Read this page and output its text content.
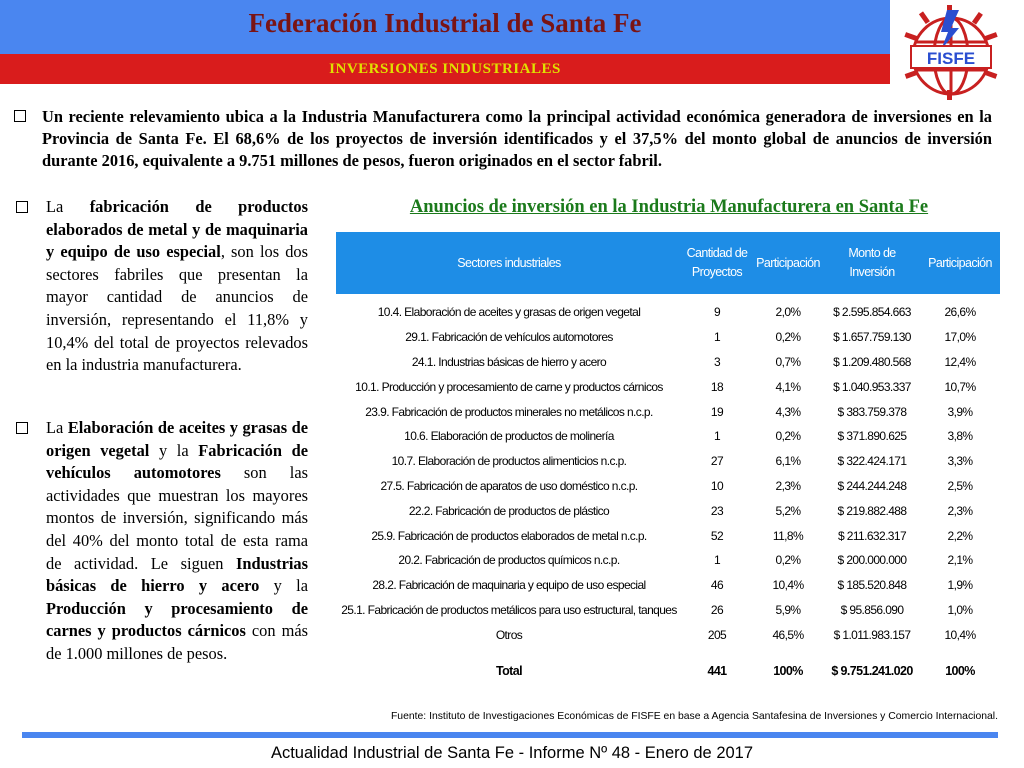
Federación Industrial de Santa Fe
INVERSIONES INDUSTRIALES
FISFE
Un reciente relevamiento ubica a la Industria Manufacturera como la principal actividad económica generadora de inversiones en la Provincia de Santa Fe. El 68,6% de los proyectos de inversión identificados y el 37,5% del monto global de anuncios de inversión durante 2016, equivalente a 9.751 millones de pesos, fueron originados en el sector fabril.
La fabricación de productos elaborados de metal y de maquinaria y equipo de uso especial, son los dos sectores fabriles que presentan la mayor cantidad de anuncios de inversión, representando el 11,8% y 10,4% del total de proyectos relevados en la industria manufacturera.
La Elaboración de aceites y grasas de origen vegetal y la Fabricación de vehículos automotores son las actividades que muestran los mayores montos de inversión, significando más del 40% del monto total de esta rama de actividad. Le siguen Industrias básicas de hierro y acero y la Producción y procesamiento de carnes y productos cárnicos con más de 1.000 millones de pesos.
Anuncios de inversión en la Industria Manufacturera en Santa Fe
Sectores industriales	Cantidad de Proyectos	Participación	Monto de Inversión	Participación
10.4. Elaboración de aceites y grasas de origen vegetal	9	2,0%	$ 2.595.854.663	26,6%
29.1. Fabricación de vehículos automotores	1	0,2%	$ 1.657.759.130	17,0%
24.1. Industrias básicas de hierro y acero	3	0,7%	$ 1.209.480.568	12,4%
10.1. Producción y procesamiento de carne y productos cárnicos	18	4,1%	$ 1.040.953.337	10,7%
23.9. Fabricación de productos minerales no metálicos n.c.p.	19	4,3%	$ 383.759.378	3,9%
10.6. Elaboración de productos de molinería	1	0,2%	$ 371.890.625	3,8%
10.7. Elaboración de productos alimenticios n.c.p.	27	6,1%	$ 322.424.171	3,3%
27.5. Fabricación de aparatos de uso doméstico n.c.p.	10	2,3%	$ 244.244.248	2,5%
22.2. Fabricación de productos de plástico	23	5,2%	$ 219.882.488	2,3%
25.9. Fabricación de productos elaborados de metal n.c.p.	52	11,8%	$ 211.632.317	2,2%
20.2. Fabricación de productos químicos n.c.p.	1	0,2%	$ 200.000.000	2,1%
28.2. Fabricación de maquinaria y equipo de uso especial	46	10,4%	$ 185.520.848	1,9%
25.1. Fabricación de productos metálicos para uso estructural, tanques	26	5,9%	$ 95.856.090	1,0%
Otros	205	46,5%	$ 1.011.983.157	10,4%
Total	441	100%	$ 9.751.241.020	100%
Fuente: Instituto de Investigaciones Económicas de FISFE en base a Agencia Santafesina de Inversiones y Comercio Internacional.
Actualidad Industrial de Santa Fe - Informe Nº 48 - Enero de 2017
